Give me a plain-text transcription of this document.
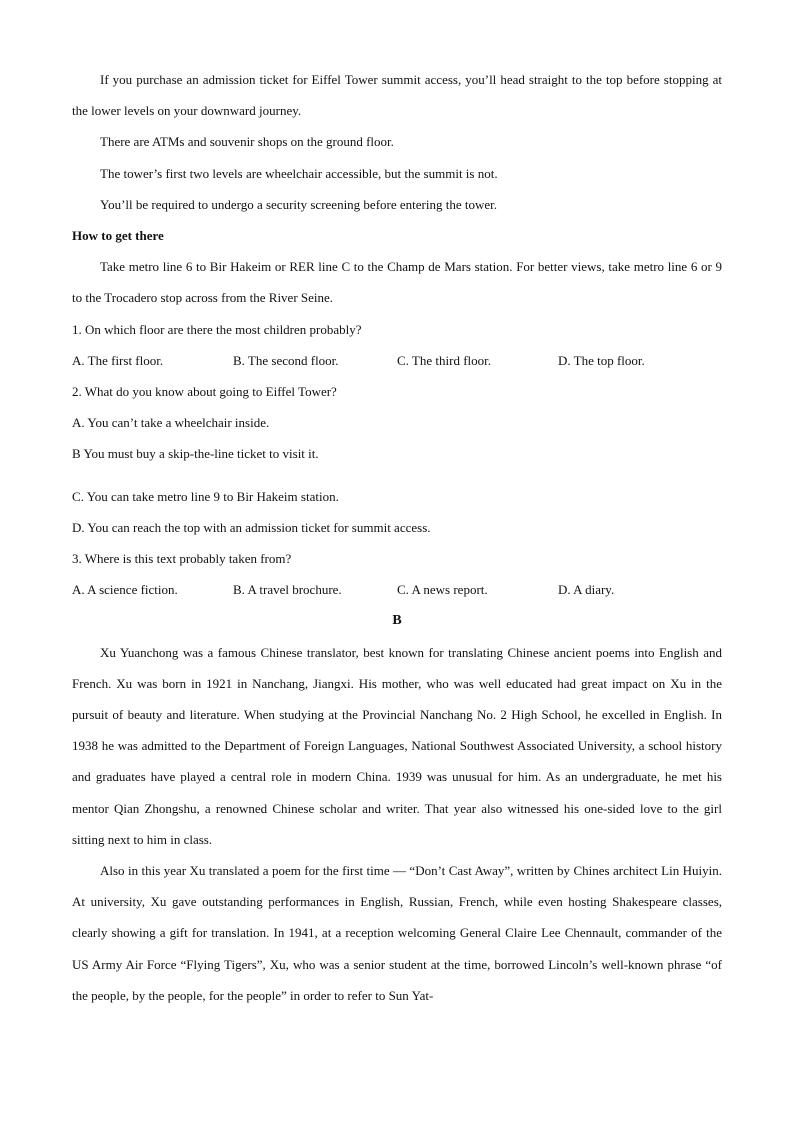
If you purchase an admission ticket for Eiffel Tower summit access, you’ll head straight to the top before stopping at the lower levels on your downward journey.

There are ATMs and souvenir shops on the ground floor.

The tower’s first two levels are wheelchair accessible, but the summit is not.

You’ll be required to undergo a security screening before entering the tower.

How to get there

Take metro line 6 to Bir Hakeim or RER line C to the Champ de Mars station. For better views, take metro line 6 or 9 to the Trocadero stop across from the River Seine.

1. On which floor are there the most children probably?

A. The first floor.	B. The second floor.	C. The third floor.	D. The top floor.

2. What do you know about going to Eiffel Tower?

A. You can’t take a wheelchair inside.

B You must buy a skip-the-line ticket to visit it.

C. You can take metro line 9 to Bir Hakeim station.

D. You can reach the top with an admission ticket for summit access.

3. Where is this text probably taken from?

A. A science fiction.	B. A travel brochure.	C. A news report.	D. A diary.

B

Xu Yuanchong was a famous Chinese translator, best known for translating Chinese ancient poems into English and French. Xu was born in 1921 in Nanchang, Jiangxi. His mother, who was well educated had great impact on Xu in the pursuit of beauty and literature. When studying at the Provincial Nanchang No. 2 High School, he excelled in English. In 1938 he was admitted to the Department of Foreign Languages, National Southwest Associated University, a school history and graduates have played a central role in modern China. 1939 was unusual for him. As an undergraduate, he met his mentor Qian Zhongshu, a renowned Chinese scholar and writer. That year also witnessed his one-sided love to the girl sitting next to him in class.

Also in this year Xu translated a poem for the first time — “Don’t Cast Away”, written by Chines architect Lin Huiyin. At university, Xu gave outstanding performances in English, Russian, French, while even hosting Shakespeare classes, clearly showing a gift for translation. In 1941, at a reception welcoming General Claire Lee Chennault, commander of the US Army Air Force “Flying Tigers”, Xu, who was a senior student at the time, borrowed Lincoln’s well-known phrase “of the people, by the people, for the people” in order to refer to Sun Yat-
